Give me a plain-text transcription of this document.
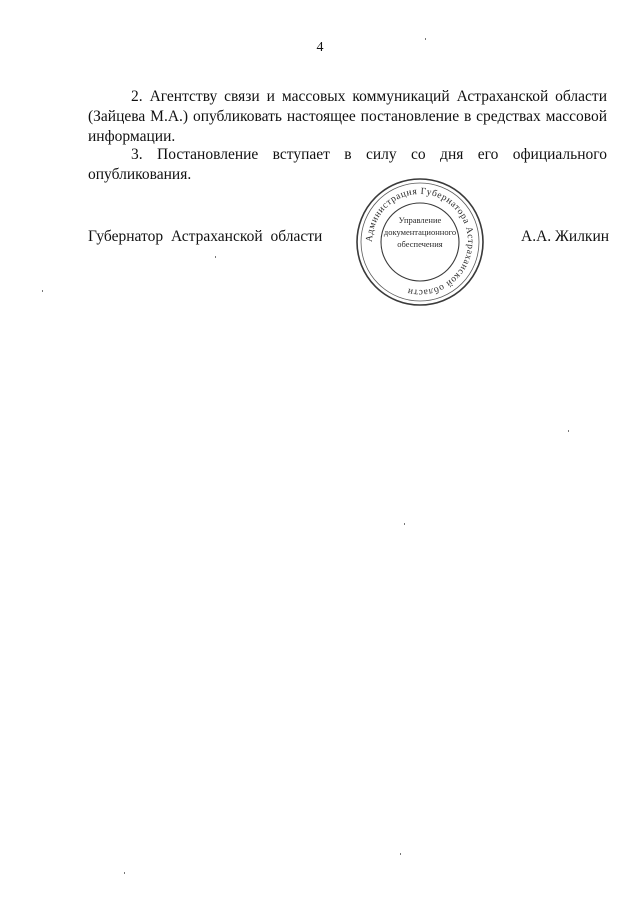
4

2. Агентству связи и массовых коммуникаций Астраханской области (Зайцева М.А.) опубликовать настоящее постановление в средствах массовой информации.

3. Постановление вступает в силу со дня его официального опубликования.

Губернатор Астраханской области	Администрация Губернатора Астраханской области
Управление
документационного
обеспечения	А.А. Жилкин
